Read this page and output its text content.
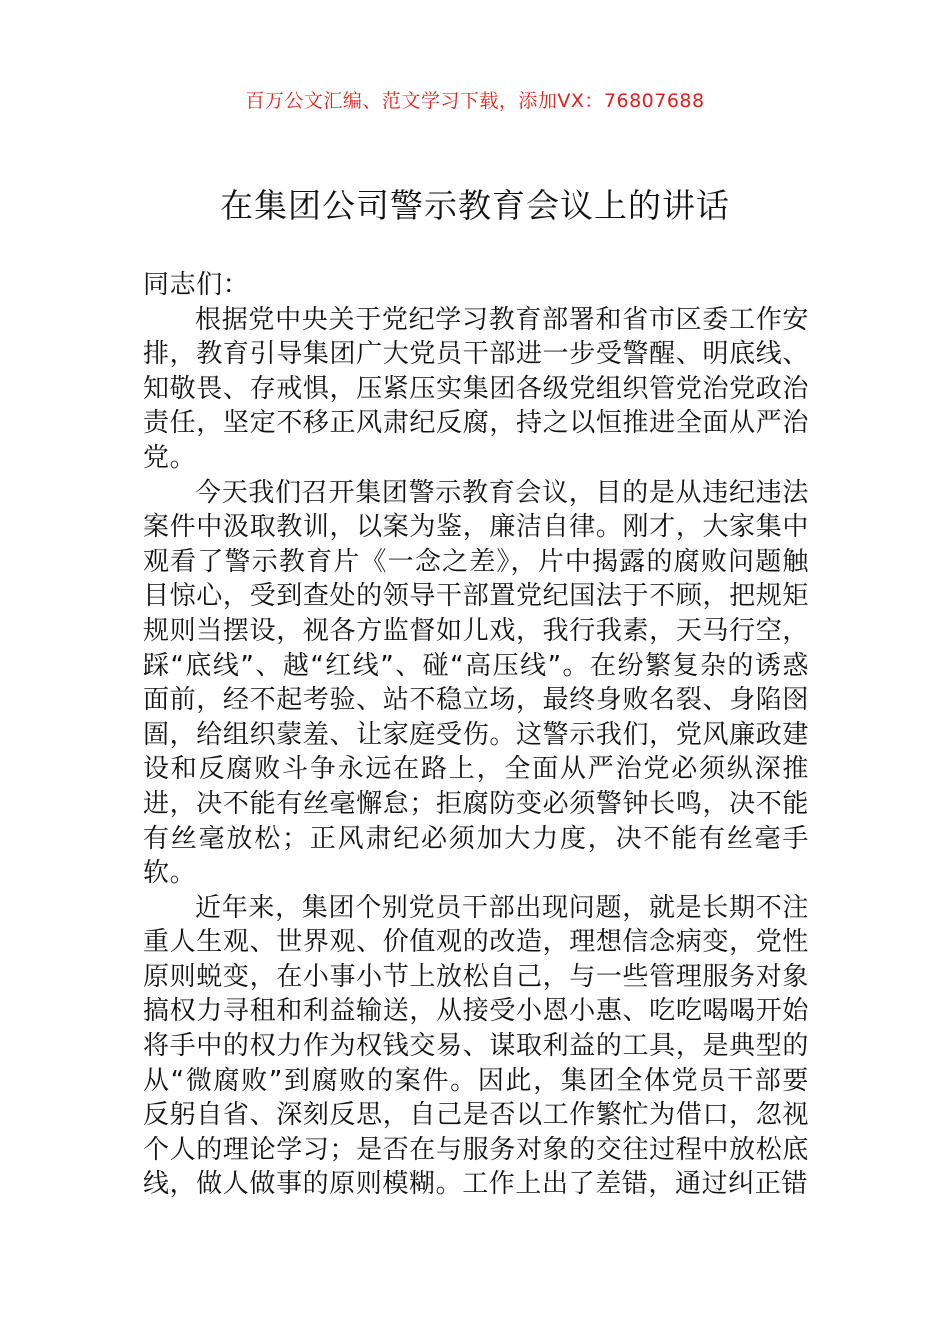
百万公文汇编、范文学习下载，添加VX：76807688
在集团公司警示教育会议上的讲话

同志们：

根据党中央关于党纪学习教育部署和省市区委工作安排，教育引导集团广大党员干部进一步受警醒、明底线、知敬畏、存戒惧，压紧压实集团各级党组织管党治党政治责任，坚定不移正风肃纪反腐，持之以恒推进全面从严治党。

今天我们召开集团警示教育会议，目的是从违纪违法案件中汲取教训，以案为鉴，廉洁自律。刚才，大家集中观看了警示教育片《一念之差》，片中揭露的腐败问题触目惊心，受到查处的领导干部置党纪国法于不顾，把规矩规则当摆设，视各方监督如儿戏，我行我素，天马行空，踩“底线”、越“红线”、碰“高压线”。在纷繁复杂的诱惑面前，经不起考验、站不稳立场，最终身败名裂、身陷囹圄，给组织蒙羞、让家庭受伤。这警示我们，党风廉政建设和反腐败斗争永远在路上，全面从严治党必须纵深推进，决不能有丝毫懈怠；拒腐防变必须警钟长鸣，决不能有丝毫放松；正风肃纪必须加大力度，决不能有丝毫手软。

近年来，集团个别党员干部出现问题，就是长期不注重人生观、世界观、价值观的改造，理想信念病变，党性原则蜕变，在小事小节上放松自己，与一些管理服务对象搞权力寻租和利益输送，从接受小恩小惠、吃吃喝喝开始将手中的权力作为权钱交易、谋取利益的工具，是典型的从“微腐败”到腐败的案件。因此，集团全体党员干部要反躬自省、深刻反思，自己是否以工作繁忙为借口，忽视个人的理论学习；是否在与服务对象的交往过程中放松底线，做人做事的原则模糊。工作上出了差错，通过纠正错
